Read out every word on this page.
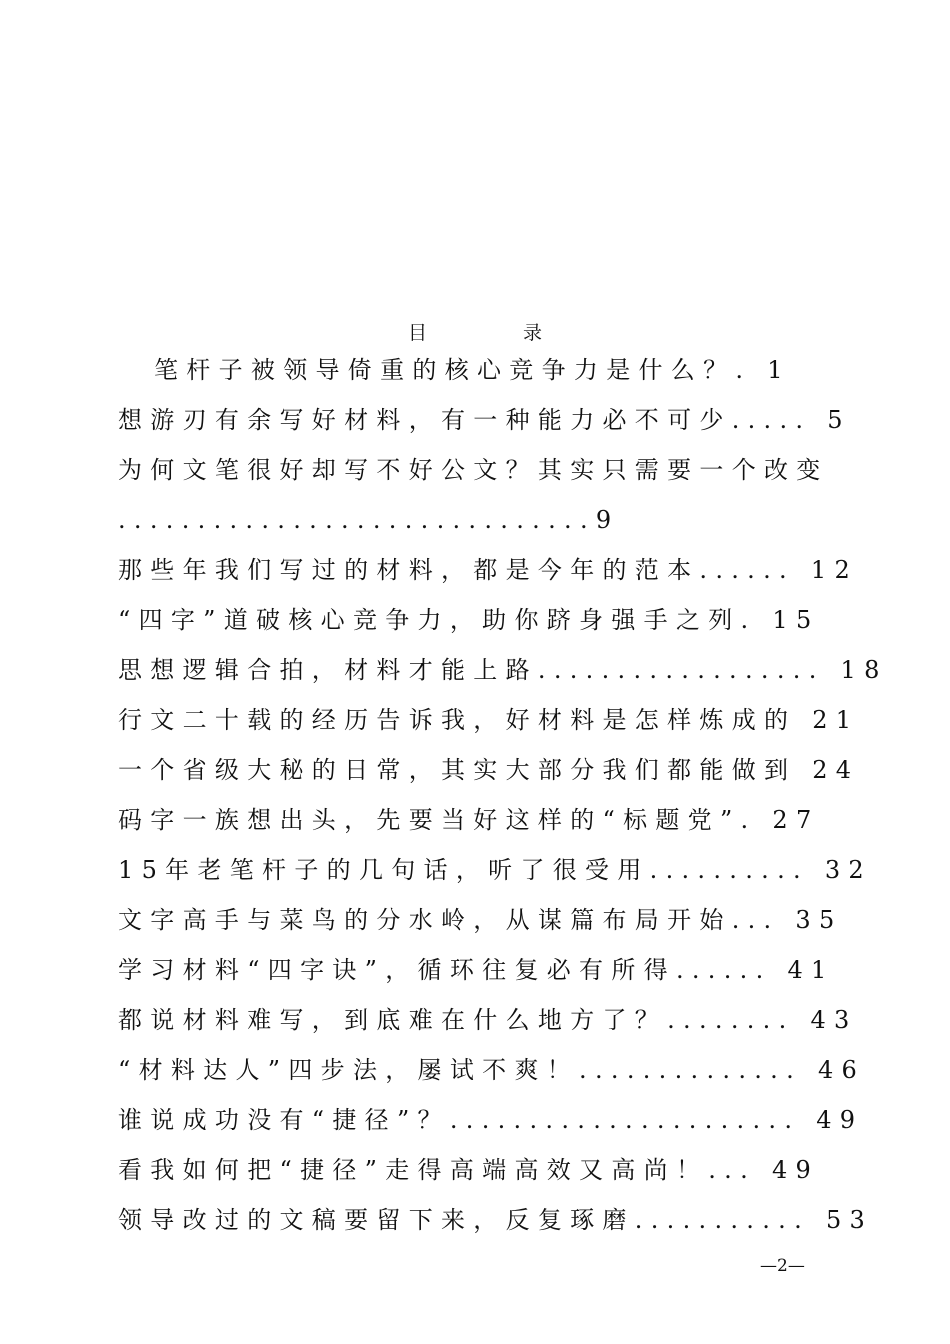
目	录
笔杆子被领导倚重的核心竞争力是什么？. 1
想游刃有余写好材料，有一种能力必不可少..... 5
为何文笔很好却写不好公文？其实只需要一个改变
..............................9
那些年我们写过的材料，都是今年的范本...... 12
“四字”道破核心竞争力，助你跻身强手之列. 15
思想逻辑合拍，材料才能上路.................. 18
行文二十载的经历告诉我，好材料是怎样炼成的 21
一个省级大秘的日常，其实大部分我们都能做到 24
码字一族想出头，先要当好这样的“标题党”. 27
15年老笔杆子的几句话，听了很受用.......... 32
文字高手与菜鸟的分水岭，从谋篇布局开始... 35
学习材料“四字诀”，循环往复必有所得...... 41
都说材料难写，到底难在什么地方了？........ 43
“材料达人”四步法，屡试不爽！.............. 46
谁说成功没有“捷径”？...................... 49
看我如何把“捷径”走得高端高效又高尚！... 49
领导改过的文稿要留下来，反复琢磨........... 53
—2—
